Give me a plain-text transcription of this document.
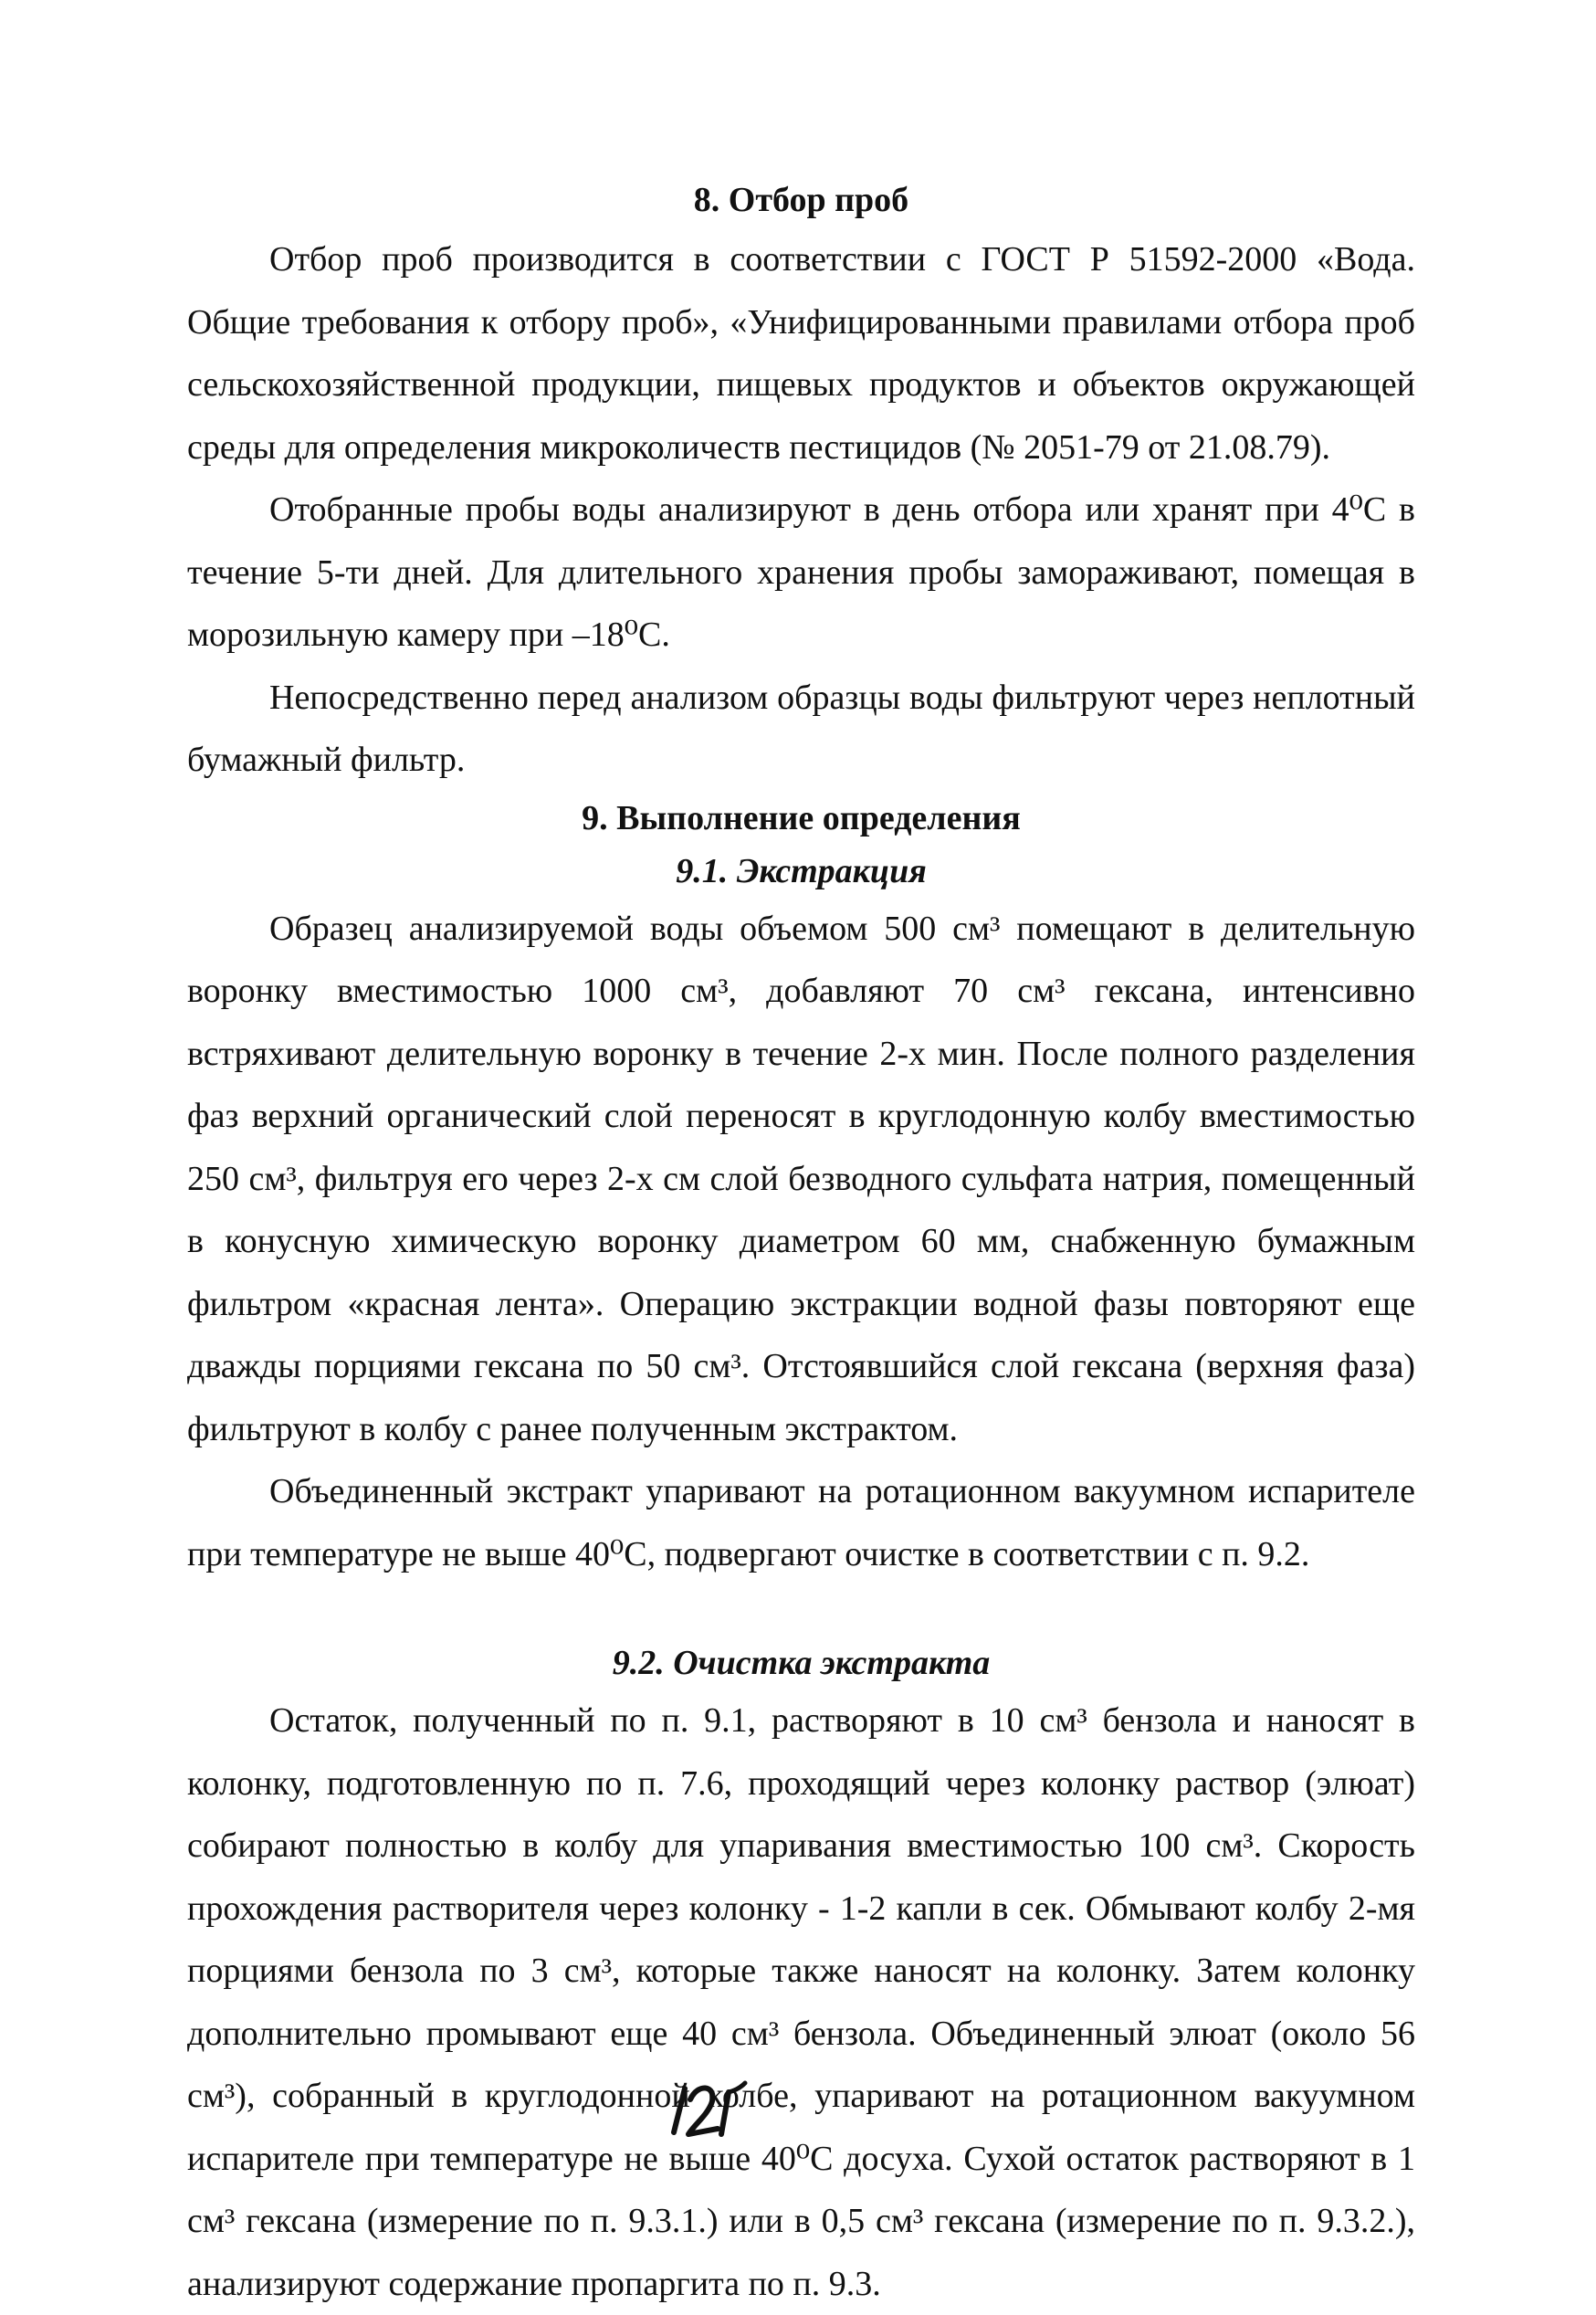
8. Отбор проб

Отбор проб производится в соответствии с ГОСТ Р 51592-2000 «Вода. Общие требования к отбору проб», «Унифицированными правилами отбора проб сельскохозяйственной продукции, пищевых продуктов и объектов окружающей среды для определения микроколичеств пестицидов (№ 2051-79 от 21.08.79).

Отобранные пробы воды анализируют в день отбора или хранят при 4⁰С в течение 5-ти дней. Для длительного хранения пробы замораживают, помещая в морозильную камеру при –18⁰С.

Непосредственно перед анализом образцы воды фильтруют через неплотный бумажный фильтр.

9. Выполнение определения

9.1. Экстракция

Образец анализируемой воды объемом 500 см³ помещают в делительную воронку вместимостью 1000 см³, добавляют 70 см³ гексана, интенсивно встряхивают делительную воронку в течение 2-х мин. После полного разделения фаз верхний органический слой переносят в круглодонную колбу вместимостью 250 см³, фильтруя его через 2-х см слой безводного сульфата натрия, помещенный в конусную химическую воронку диаметром 60 мм, снабженную бумажным фильтром «красная лента». Операцию экстракции водной фазы повторяют еще дважды порциями гексана по 50 см³. Отстоявшийся слой гексана (верхняя фаза) фильтруют в колбу с ранее полученным экстрактом.

Объединенный экстракт упаривают на ротационном вакуумном испарителе при температуре не выше 40⁰С, подвергают очистке в соответствии с п. 9.2.

9.2. Очистка экстракта

Остаток, полученный по п. 9.1, растворяют в 10 см³ бензола и наносят в колонку, подготовленную по п. 7.6, проходящий через колонку раствор (элюат) собирают полностью в колбу для упаривания вместимостью 100 см³. Скорость прохождения растворителя через колонку - 1-2 капли в сек. Обмывают колбу 2-мя порциями бензола по 3 см³, которые также наносят на колонку. Затем колонку дополнительно промывают еще 40 см³ бензола. Объединенный элюат (около 56 см³), собранный в круглодонной колбе, упаривают на ротационном вакуумном испарителе при температуре не выше 40⁰С досуха. Сухой остаток растворяют в 1 см³ гексана (измерение по п. 9.3.1.) или в 0,5 см³ гексана (измерение по п. 9.3.2.), анализируют содержание пропаргита по п. 9.3.
